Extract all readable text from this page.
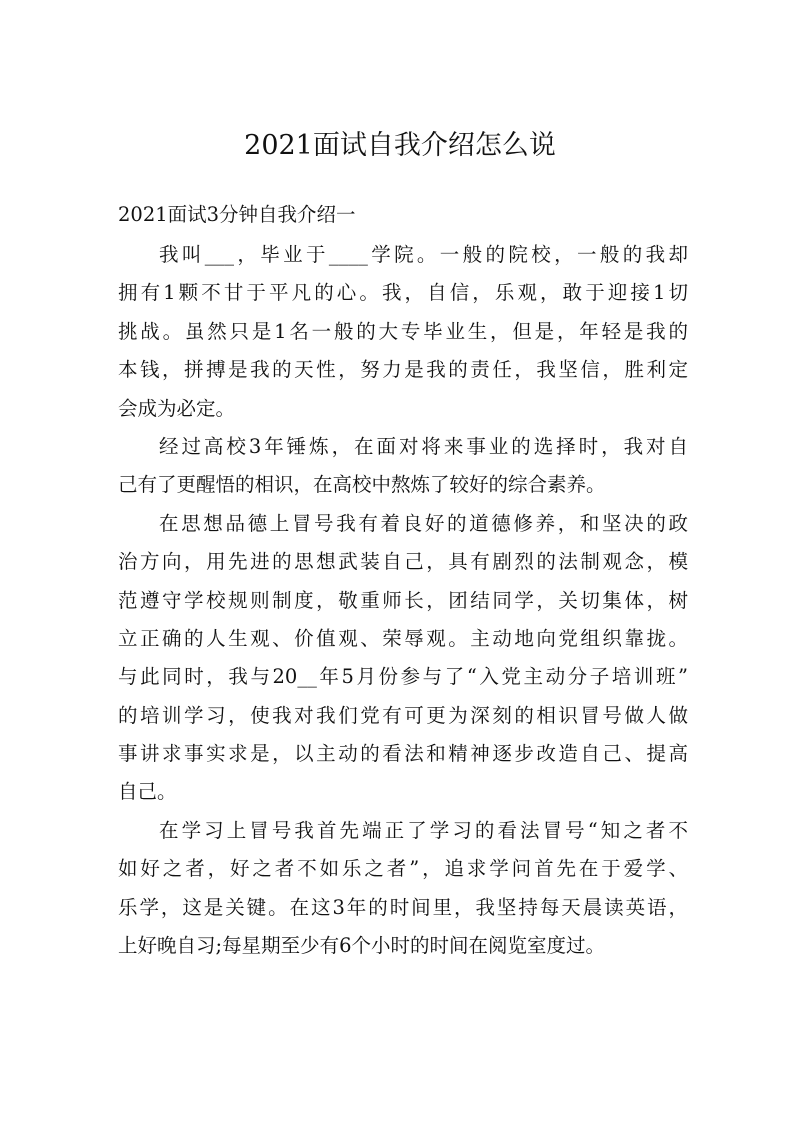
2021面试自我介绍怎么说
2021面试3分钟自我介绍一
我叫___，毕业于____学院。一般的院校，一般的我却
拥有1颗不甘于平凡的心。我，自信，乐观，敢于迎接1切
挑战。虽然只是1名一般的大专毕业生，但是，年轻是我的
本钱，拼搏是我的天性，努力是我的责任，我坚信，胜利定
会成为必定。
经过高校3年锤炼，在面对将来事业的选择时，我对自
己有了更醒悟的相识，在高校中熬炼了较好的综合素养。
在思想品德上冒号我有着良好的道德修养，和坚决的政
治方向，用先进的思想武装自己，具有剧烈的法制观念，模
范遵守学校规则制度，敬重师长，团结同学，关切集体，树
立正确的人生观、价值观、荣辱观。主动地向党组织靠拢。
与此同时，我与20__年5月份参与了“入党主动分子培训班”
的培训学习，使我对我们党有可更为深刻的相识冒号做人做
事讲求事实求是，以主动的看法和精神逐步改造自己、提高
自己。
在学习上冒号我首先端正了学习的看法冒号“知之者不
如好之者，好之者不如乐之者”，追求学问首先在于爱学、
乐学，这是关键。在这3年的时间里，我坚持每天晨读英语，
上好晚自习;每星期至少有6个小时的时间在阅览室度过。
